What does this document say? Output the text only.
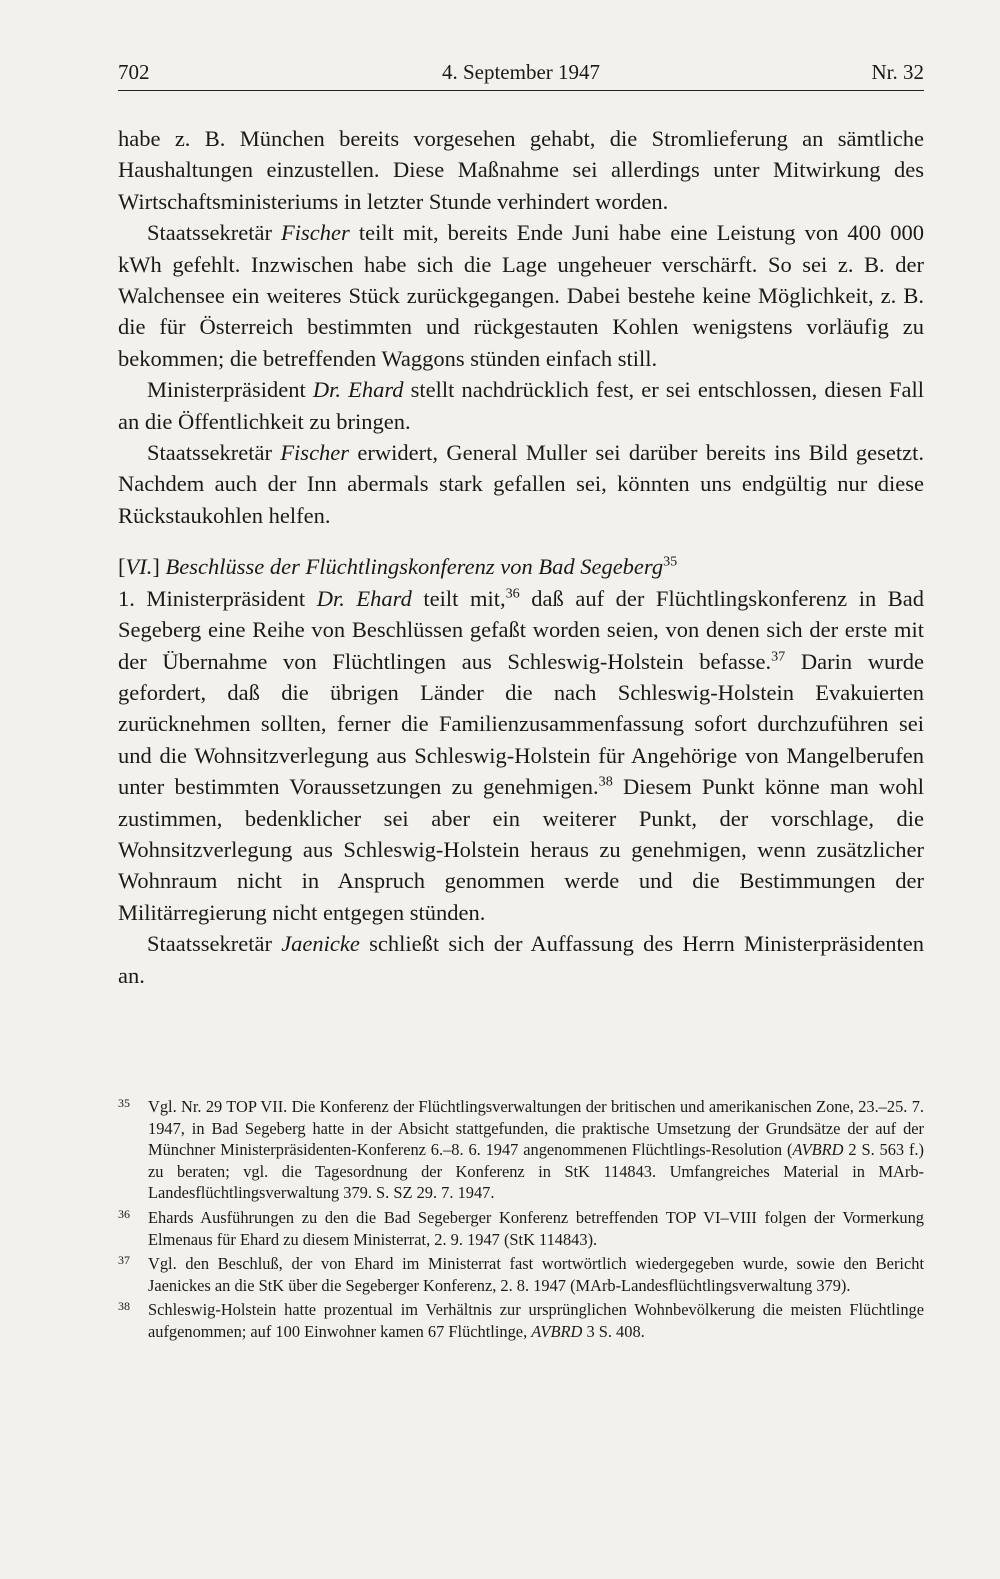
702	4. September 1947	Nr. 32

habe z. B. München bereits vorgesehen gehabt, die Stromlieferung an sämtliche Haushaltungen einzustellen. Diese Maßnahme sei allerdings unter Mitwirkung des Wirtschaftsministeriums in letzter Stunde verhindert worden.

Staatssekretär Fischer teilt mit, bereits Ende Juni habe eine Leistung von 400 000 kWh gefehlt. Inzwischen habe sich die Lage ungeheuer verschärft. So sei z. B. der Walchensee ein weiteres Stück zurückgegangen. Dabei bestehe keine Möglichkeit, z. B. die für Österreich bestimmten und rückgestauten Kohlen wenigstens vorläufig zu bekommen; die betreffenden Waggons stünden einfach still.

Ministerpräsident Dr. Ehard stellt nachdrücklich fest, er sei entschlossen, diesen Fall an die Öffentlichkeit zu bringen.

Staatssekretär Fischer erwidert, General Muller sei darüber bereits ins Bild gesetzt. Nachdem auch der Inn abermals stark gefallen sei, könnten uns endgültig nur diese Rückstaukohlen helfen.

[VI.] Beschlüsse der Flüchtlingskonferenz von Bad Segeberg$^{35}$

1. Ministerpräsident Dr. Ehard teilt mit,$^{36}$ daß auf der Flüchtlingskonferenz in Bad Segeberg eine Reihe von Beschlüssen gefaßt worden seien, von denen sich der erste mit der Übernahme von Flüchtlingen aus Schleswig-Holstein befasse.$^{37}$ Darin wurde gefordert, daß die übrigen Länder die nach Schleswig-Holstein Evakuierten zurücknehmen sollten, ferner die Familienzusammenfassung sofort durchzuführen sei und die Wohnsitzverlegung aus Schleswig-Holstein für Angehörige von Mangelberufen unter bestimmten Voraussetzungen zu genehmigen.$^{38}$ Diesem Punkt könne man wohl zustimmen, bedenklicher sei aber ein weiterer Punkt, der vorschlage, die Wohnsitzverlegung aus Schleswig-Holstein heraus zu genehmigen, wenn zusätzlicher Wohnraum nicht in Anspruch genommen werde und die Bestimmungen der Militärregierung nicht entgegen stünden.

Staatssekretär Jaenicke schließt sich der Auffassung des Herrn Ministerpräsidenten an.

35 Vgl. Nr. 29 TOP VII. Die Konferenz der Flüchtlingsverwaltungen der britischen und amerikanischen Zone, 23.–25. 7. 1947, in Bad Segeberg hatte in der Absicht stattgefunden, die praktische Umsetzung der Grundsätze der auf der Münchner Ministerpräsidenten-Konferenz 6.–8. 6. 1947 angenommenen Flüchtlings-Resolution (AVBRD 2 S. 563 f.) zu beraten; vgl. die Tagesordnung der Konferenz in StK 114843. Umfangreiches Material in MArb-Landesflüchtlingsverwaltung 379. S. SZ 29. 7. 1947.
36 Ehards Ausführungen zu den die Bad Segeberger Konferenz betreffenden TOP VI–VIII folgen der Vormerkung Elmenaus für Ehard zu diesem Ministerrat, 2. 9. 1947 (StK 114843).
37 Vgl. den Beschluß, der von Ehard im Ministerrat fast wortwörtlich wiedergegeben wurde, sowie den Bericht Jaenickes an die StK über die Segeberger Konferenz, 2. 8. 1947 (MArb-Landesflüchtlingsverwaltung 379).
38 Schleswig-Holstein hatte prozentual im Verhältnis zur ursprünglichen Wohnbevölkerung die meisten Flüchtlinge aufgenommen; auf 100 Einwohner kamen 67 Flüchtlinge, AVBRD 3 S. 408.
